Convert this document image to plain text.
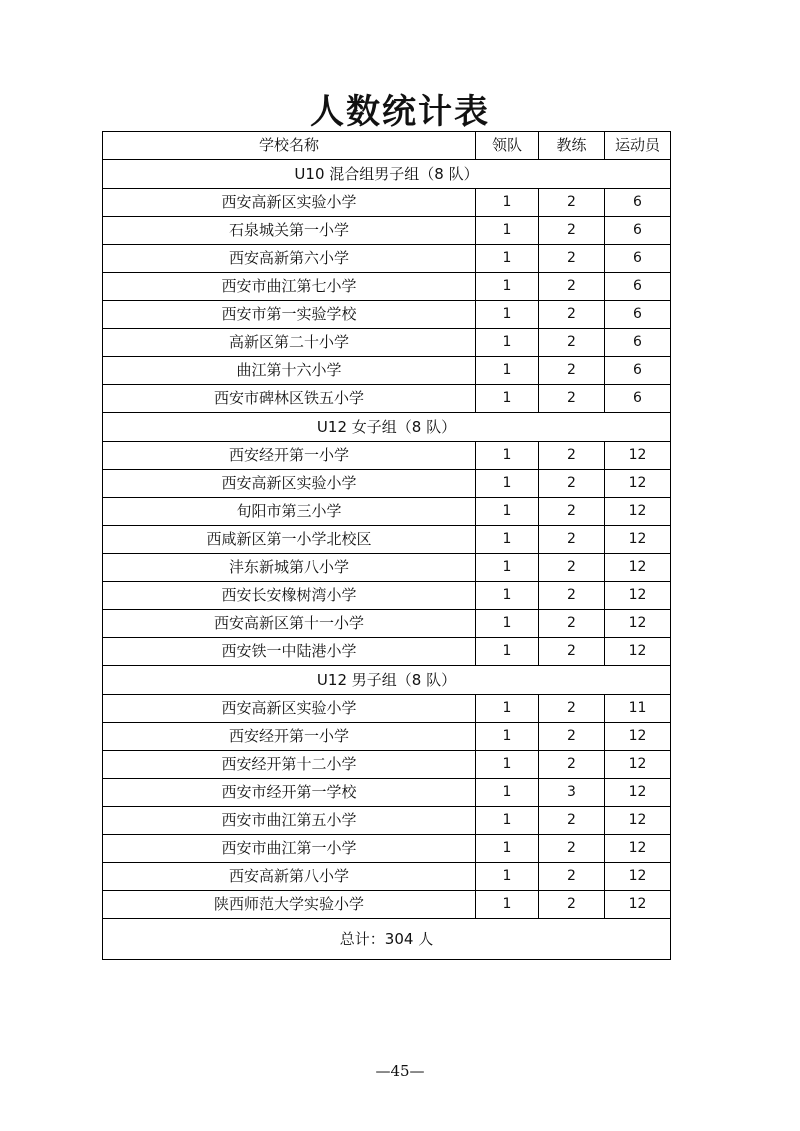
人数统计表
学校名称	领队	教练	运动员
U10 混合组男子组（8 队）			
西安高新区实验小学	1	2	6
石泉城关第一小学	1	2	6
西安高新第六小学	1	2	6
西安市曲江第七小学	1	2	6
西安市第一实验学校	1	2	6
高新区第二十小学	1	2	6
曲江第十六小学	1	2	6
西安市碑林区铁五小学	1	2	6
U12 女子组（8 队）			
西安经开第一小学	1	2	12
西安高新区实验小学	1	2	12
旬阳市第三小学	1	2	12
西咸新区第一小学北校区	1	2	12
沣东新城第八小学	1	2	12
西安长安橡树湾小学	1	2	12
西安高新区第十一小学	1	2	12
西安铁一中陆港小学	1	2	12
U12 男子组（8 队）			
西安高新区实验小学	1	2	11
西安经开第一小学	1	2	12
西安经开第十二小学	1	2	12
西安市经开第一学校	1	3	12
西安市曲江第五小学	1	2	12
西安市曲江第一小学	1	2	12
西安高新第八小学	1	2	12
陕西师范大学实验小学	1	2	12
总计：304 人			
—45—
